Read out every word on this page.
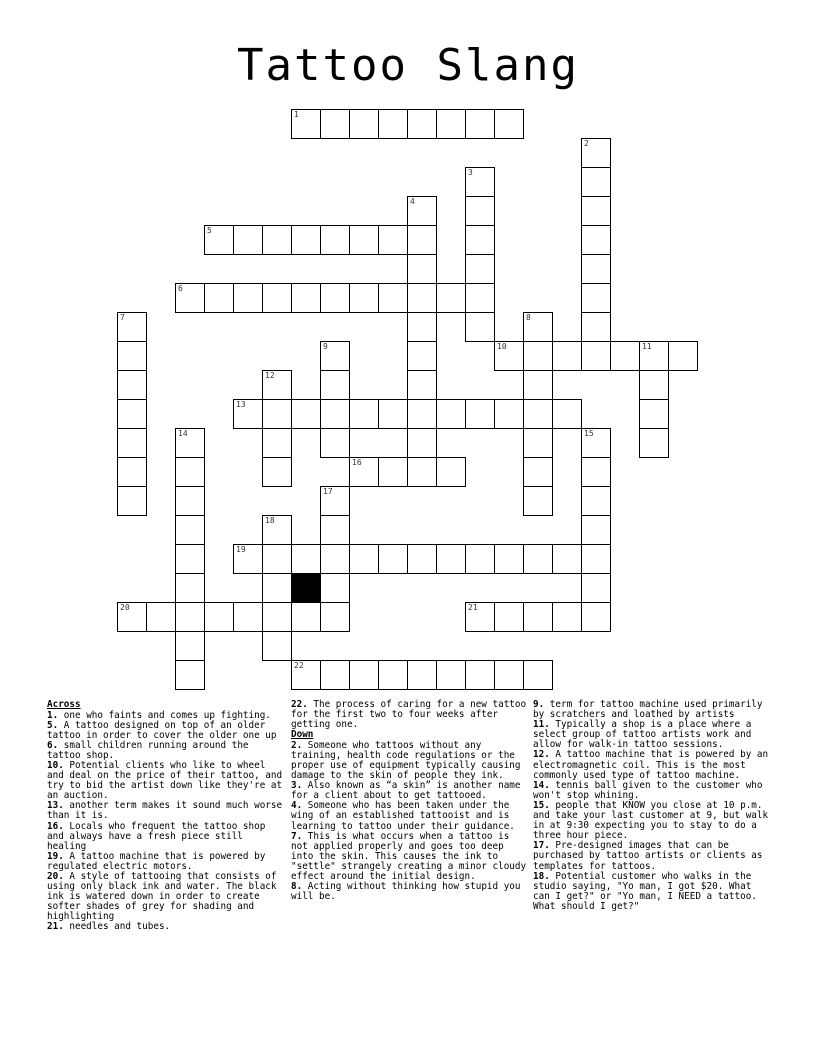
Tattoo Slang
1
2
3
4
5
6
7	8
9	10	11
12
13
14	15
16
17
18
19
20	21
22
Across
1. one who faints and comes up fighting.
5. A tattoo designed on top of an older tattoo in order to cover the older one up
6. small children running around the tattoo shop.
10. Potential clients who like to wheel and deal on the price of their tattoo, and try to bid the artist down like they're at an auction.
13. another term makes it sound much worse than it is.
16. Locals who frequent the tattoo shop and always have a fresh piece still healing
19. A tattoo machine that is powered by regulated electric motors.
20. A style of tattooing that consists of using only black ink and water. The black ink is watered down in order to create softer shades of grey for shading and highlighting
21. needles and tubes.
22. The process of caring for a new tattoo for the first two to four weeks after getting one.
Down
2. Someone who tattoos without any training, health code regulations or the proper use of equipment typically causing damage to the skin of people they ink.
3. Also known as “a skin” is another name for a client about to get tattooed.
4. Someone who has been taken under the wing of an established tattooist and is learning to tattoo under their guidance.
7. This is what occurs when a tattoo is not applied properly and goes too deep into the skin. This causes the ink to "settle" strangely creating a minor cloudy effect around the initial design.
8. Acting without thinking how stupid you will be.
9. term for tattoo machine used primarily by scratchers and loathed by artists
11. Typically a shop is a place where a select group of tattoo artists work and allow for walk-in tattoo sessions.
12. A tattoo machine that is powered by an electromagnetic coil. This is the most commonly used type of tattoo machine.
14. tennis ball given to the customer who won't stop whining.
15. people that KNOW you close at 10 p.m. and take your last customer at 9, but walk in at 9:30 expecting you to stay to do a three hour piece.
17. Pre-designed images that can be purchased by tattoo artists or clients as templates for tattoos.
18. Potential customer who walks in the studio saying, "Yo man, I got $20. What can I get?" or "Yo man, I NEED a tattoo. What should I get?"
